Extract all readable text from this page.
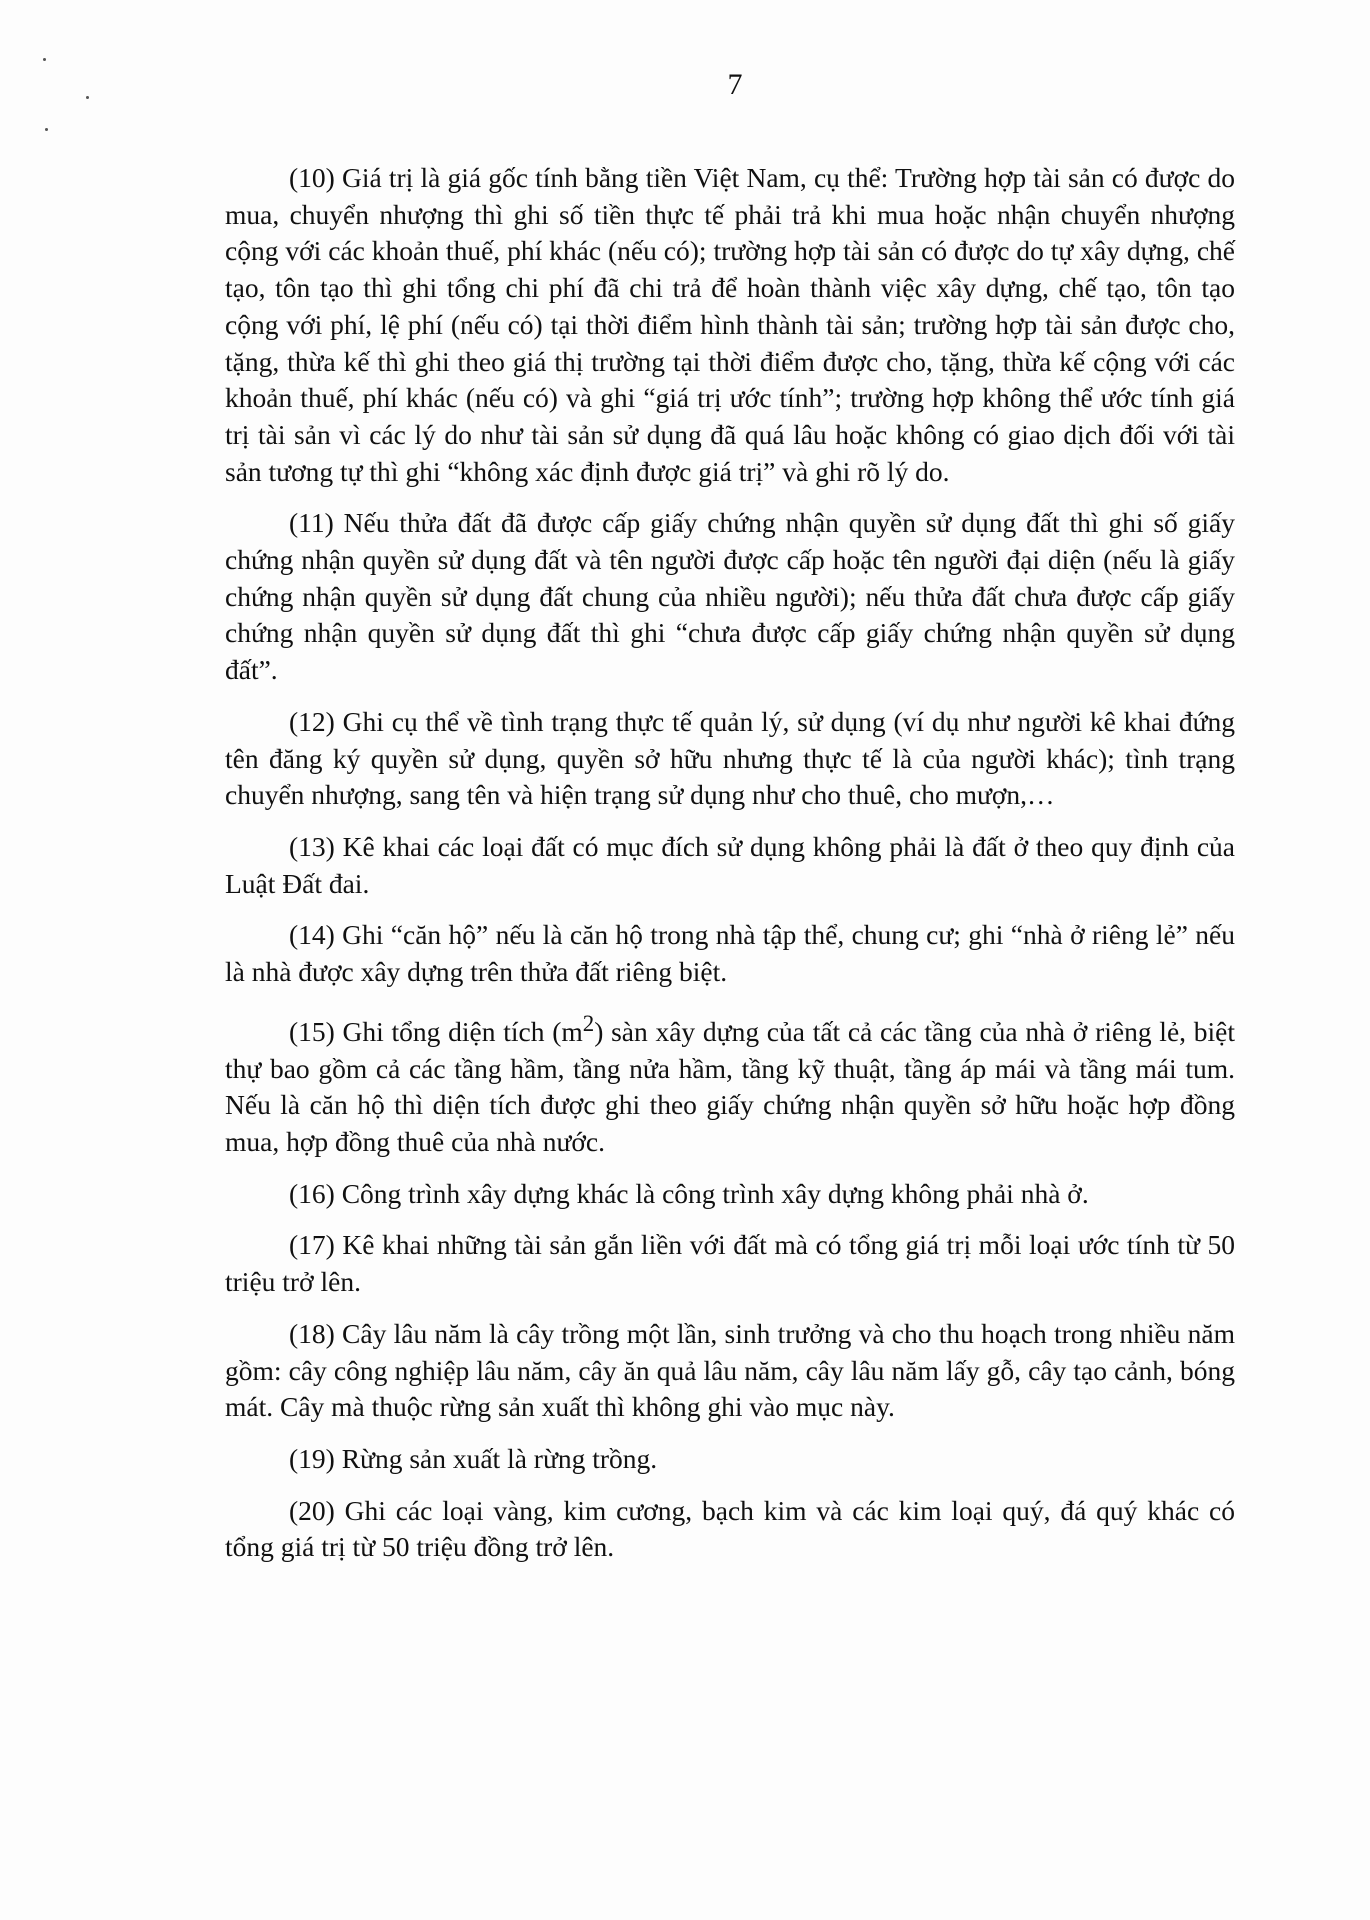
7

(10) Giá trị là giá gốc tính bằng tiền Việt Nam, cụ thể: Trường hợp tài sản có được do mua, chuyển nhượng thì ghi số tiền thực tế phải trả khi mua hoặc nhận chuyển nhượng cộng với các khoản thuế, phí khác (nếu có); trường hợp tài sản có được do tự xây dựng, chế tạo, tôn tạo thì ghi tổng chi phí đã chi trả để hoàn thành việc xây dựng, chế tạo, tôn tạo cộng với phí, lệ phí (nếu có) tại thời điểm hình thành tài sản; trường hợp tài sản được cho, tặng, thừa kế thì ghi theo giá thị trường tại thời điểm được cho, tặng, thừa kế cộng với các khoản thuế, phí khác (nếu có) và ghi “giá trị ước tính”; trường hợp không thể ước tính giá trị tài sản vì các lý do như tài sản sử dụng đã quá lâu hoặc không có giao dịch đối với tài sản tương tự thì ghi “không xác định được giá trị” và ghi rõ lý do.

(11) Nếu thửa đất đã được cấp giấy chứng nhận quyền sử dụng đất thì ghi số giấy chứng nhận quyền sử dụng đất và tên người được cấp hoặc tên người đại diện (nếu là giấy chứng nhận quyền sử dụng đất chung của nhiều người); nếu thửa đất chưa được cấp giấy chứng nhận quyền sử dụng đất thì ghi “chưa được cấp giấy chứng nhận quyền sử dụng đất”.

(12) Ghi cụ thể về tình trạng thực tế quản lý, sử dụng (ví dụ như người kê khai đứng tên đăng ký quyền sử dụng, quyền sở hữu nhưng thực tế là của người khác); tình trạng chuyển nhượng, sang tên và hiện trạng sử dụng như cho thuê, cho mượn,…

(13) Kê khai các loại đất có mục đích sử dụng không phải là đất ở theo quy định của Luật Đất đai.

(14) Ghi “căn hộ” nếu là căn hộ trong nhà tập thể, chung cư; ghi “nhà ở riêng lẻ” nếu là nhà được xây dựng trên thửa đất riêng biệt.

(15) Ghi tổng diện tích $(m^2)$ sàn xây dựng của tất cả các tầng của nhà ở riêng lẻ, biệt thự bao gồm cả các tầng hầm, tầng nửa hầm, tầng kỹ thuật, tầng áp mái và tầng mái tum. Nếu là căn hộ thì diện tích được ghi theo giấy chứng nhận quyền sở hữu hoặc hợp đồng mua, hợp đồng thuê của nhà nước.

(16) Công trình xây dựng khác là công trình xây dựng không phải nhà ở.

(17) Kê khai những tài sản gắn liền với đất mà có tổng giá trị mỗi loại ước tính từ 50 triệu trở lên.

(18) Cây lâu năm là cây trồng một lần, sinh trưởng và cho thu hoạch trong nhiều năm gồm: cây công nghiệp lâu năm, cây ăn quả lâu năm, cây lâu năm lấy gỗ, cây tạo cảnh, bóng mát. Cây mà thuộc rừng sản xuất thì không ghi vào mục này.

(19) Rừng sản xuất là rừng trồng.

(20) Ghi các loại vàng, kim cương, bạch kim và các kim loại quý, đá quý khác có tổng giá trị từ 50 triệu đồng trở lên.
